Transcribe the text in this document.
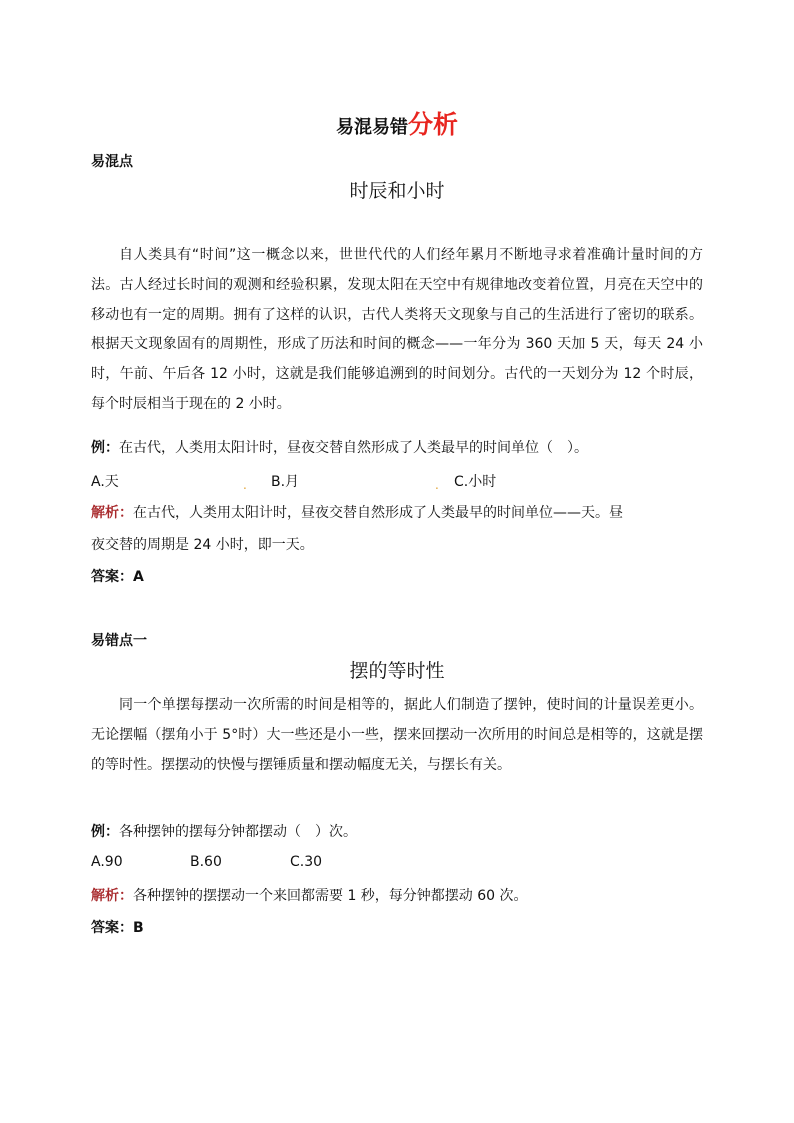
易混易错分析
易混点
时辰和小时
自人类具有“时间”这一概念以来，世世代代的人们经年累月不断地寻求着准确计量时间的方法。古人经过长时间的观测和经验积累，发现太阳在天空中有规律地改变着位置，月亮在天空中的移动也有一定的周期。拥有了这样的认识，古代人类将天文现象与自己的生活进行了密切的联系。根据天文现象固有的周期性，形成了历法和时间的概念——一年分为 360 天加 5 天，每天 24 小时，午前、午后各 12 小时，这就是我们能够追溯到的时间划分。古代的一天划分为 12 个时辰，每个时辰相当于现在的 2 小时。
例：在古代，人类用太阳计时，昼夜交替自然形成了人类最早的时间单位（　）。
A.天	. B.月	. C.小时
解析：在古代，人类用太阳计时，昼夜交替自然形成了人类最早的时间单位——天。昼
夜交替的周期是 24 小时，即一天。
答案：A
易错点一
摆的等时性
同一个单摆每摆动一次所需的时间是相等的，据此人们制造了摆钟，使时间的计量误差更小。无论摆幅（摆角小于 5°时）大一些还是小一些，摆来回摆动一次所用的时间总是相等的，这就是摆的等时性。摆摆动的快慢与摆锤质量和摆动幅度无关，与摆长有关。
例：各种摆钟的摆每分钟都摆动（　）次。
A.90	B.60	C.30
解析：各种摆钟的摆摆动一个来回都需要 1 秒，每分钟都摆动 60 次。
答案：B
